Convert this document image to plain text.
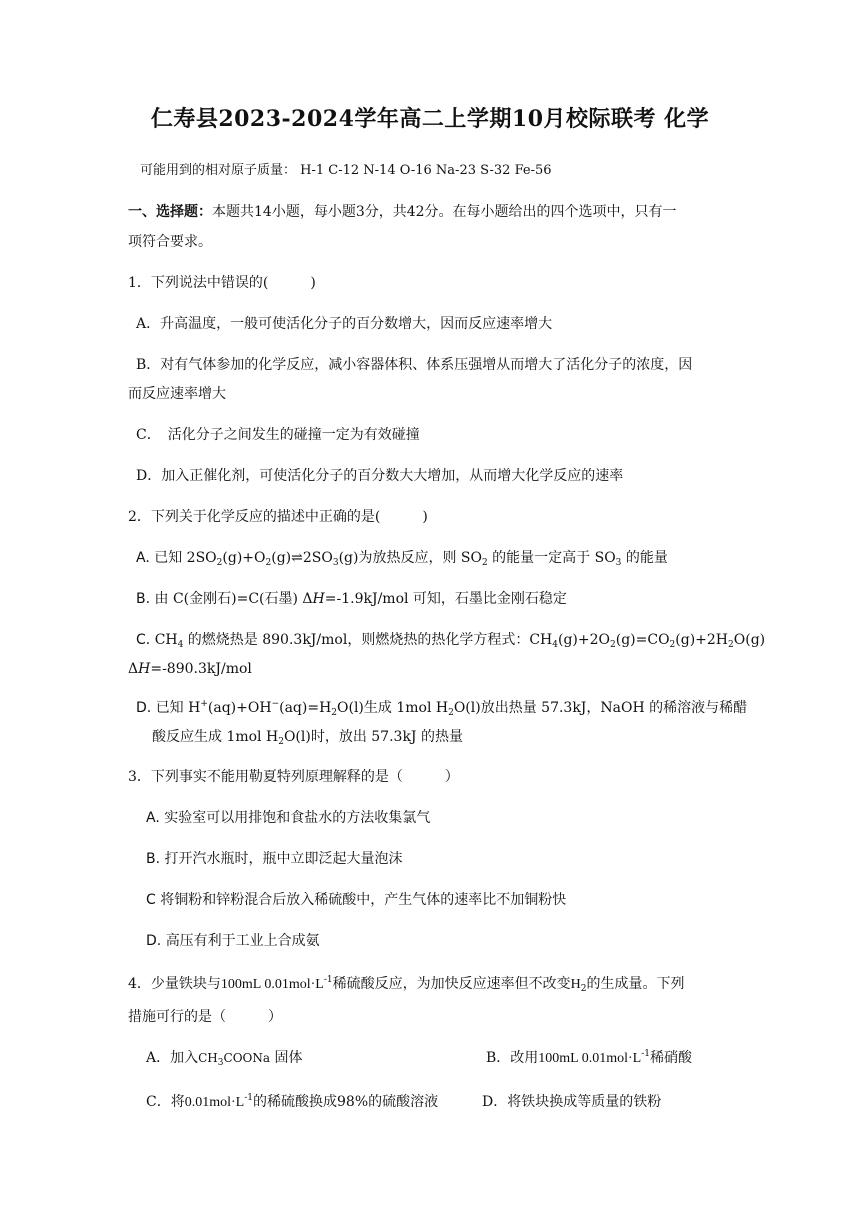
仁寿县2023-2024学年高二上学期10月校际联考 化学
可能用到的相对原子质量： H-1 C-12 N-14 O-16 Na-23 S-32 Fe-56
一、选择题：本题共14小题，每小题3分，共42分。在每小题给出的四个选项中，只有一
项符合要求。
1．下列说法中错误的(　　　)
A．升高温度，一般可使活化分子的百分数增大，因而反应速率增大
B．对有气体参加的化学反应，减小容器体积、体系压强增从而增大了活化分子的浓度，因
而反应速率增大
C．　活化分子之间发生的碰撞一定为有效碰撞
D．加入正催化剂，可使活化分子的百分数大大增加，从而增大化学反应的速率
2．下列关于化学反应的描述中正确的是(　　　)
A. 已知 $2SO_2(g)+O_2(g)\rightleftharpoons 2SO_3(g)$为放热反应，则 $SO_2$ 的能量一定高于 $SO_3$ 的能量
B. 由 C(金刚石)=C(石墨) ΔH=-1.9kJ/mol 可知，石墨比金刚石稳定
C. $CH_4$ 的燃烧热是 890.3kJ/mol，则燃烧热的热化学方程式：$CH_4(g)+2O_2(g)=CO_2(g)+2H_2O(g)$
ΔH=-890.3kJ/mol
D. 已知 $H^+(aq)+OH^-(aq)=H_2O(l)$生成 1mol $H_2O(l)$放出热量 57.3kJ，NaOH 的稀溶液与稀醋
酸反应生成 1mol $H_2O(l)$时，放出 57.3kJ 的热量
3．下列事实不能用勒夏特列原理解释的是（　　　）
A. 实验室可以用排饱和食盐水的方法收集氯气
B. 打开汽水瓶时，瓶中立即泛起大量泡沫
C 将铜粉和锌粉混合后放入稀硫酸中，产生气体的速率比不加铜粉快
D. 高压有利于工业上合成氨
4．少量铁块与100mL $0.01mol\cdot L^{-1}$稀硫酸反应，为加快反应速率但不改变$H_2$的生成量。下列
措施可行的是（　　　）
A．加入$CH_3COONa$ 固体	B．改用100mL $0.01mol\cdot L^{-1}$稀硝酸
C．将$0.01mol\cdot L^{-1}$的稀硫酸换成98%的硫酸溶液	D．将铁块换成等质量的铁粉
